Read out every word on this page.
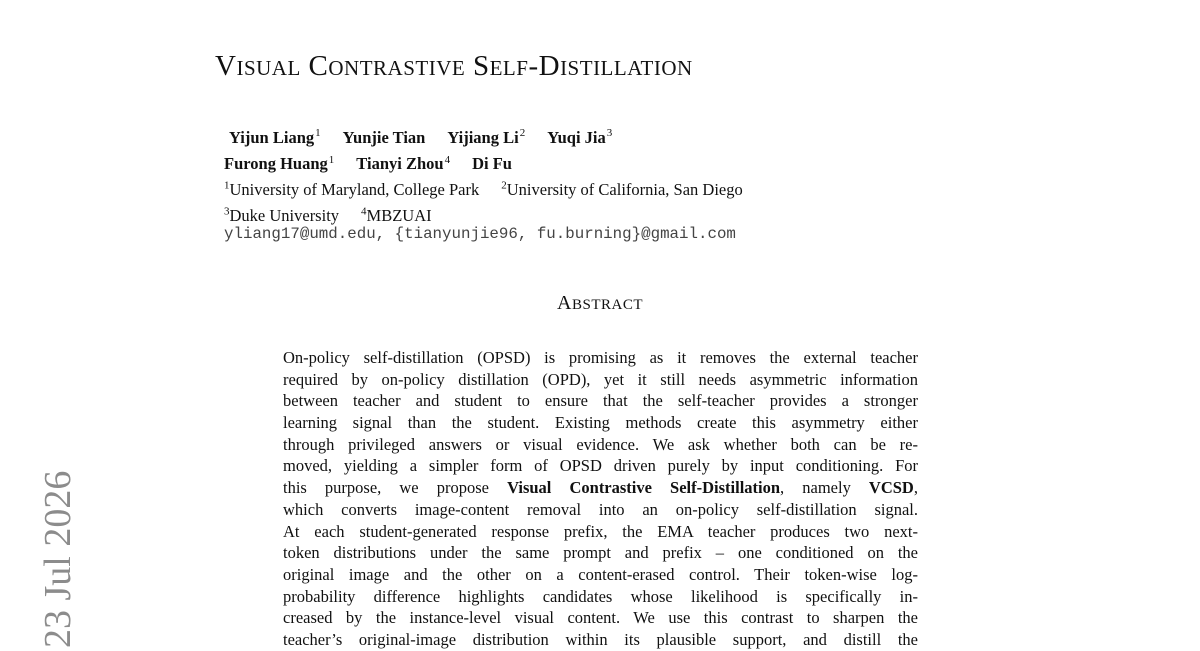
VISUAL CONTRASTIVE SELF-DISTILLATION
Yijun Liang$^1$ Yunjie Tian Yijiang Li$^2$ Yuqi Jia$^3$
Furong Huang$^1$ Tianyi Zhou$^4$ Di Fu
$^1$University of Maryland, College Park $^2$University of California, San Diego
$^3$Duke University $^4$MBZUAI
yliang17@umd.edu, {tianyunjie96, fu.burning}@gmail.com
ABSTRACT
On-policy self-distillation (OPSD) is promising as it removes the external teacher
required by on-policy distillation (OPD), yet it still needs asymmetric information
between teacher and student to ensure that the self-teacher provides a stronger
learning signal than the student. Existing methods create this asymmetry either
through privileged answers or visual evidence. We ask whether both can be re-
moved, yielding a simpler form of OPSD driven purely by input conditioning. For
this purpose, we propose Visual Contrastive Self-Distillation, namely VCSD,
which converts image-content removal into an on-policy self-distillation signal.
At each student-generated response prefix, the EMA teacher produces two next-
token distributions under the same prompt and prefix – one conditioned on the
original image and the other on a content-erased control. Their token-wise log-
probability difference highlights candidates whose likelihood is specifically in-
creased by the instance-level visual content. We use this contrast to sharpen the
teacher’s original-image distribution within its plausible support, and distill the
23 Jul 2026
